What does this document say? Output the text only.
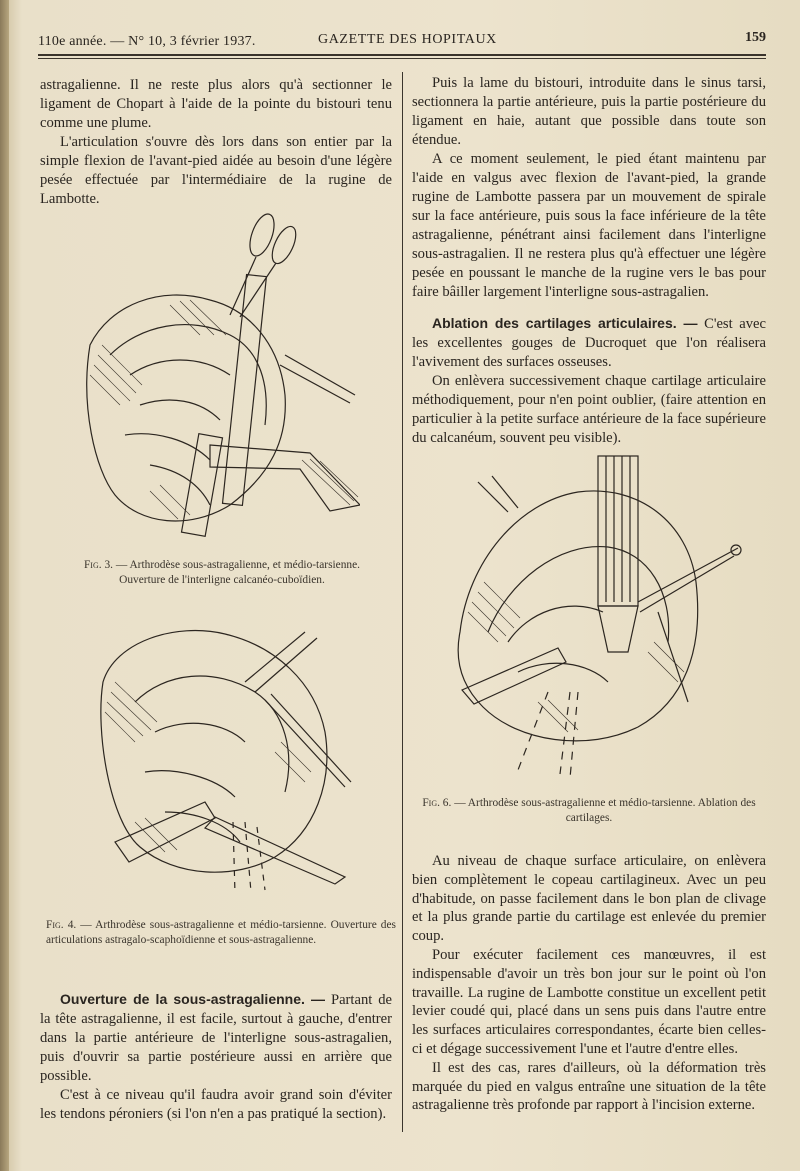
110e année. — N° 10, 3 février 1937.	GAZETTE DES HOPITAUX	159

astragalienne. Il ne reste plus alors qu'à sectionner le ligament de Chopart à l'aide de la pointe du bistouri tenu comme une plume.

L'articulation s'ouvre dès lors dans son entier par la simple flexion de l'avant-pied aidée au besoin d'une légère pesée effectuée par l'intermédiaire de la rugine de Lambotte.

Fig. 3. — Arthrodèse sous-astragalienne, et médio-tarsienne. Ouverture de l'interligne calcanéo-cuboïdien.
Fig. 4. — Arthrodèse sous-astragalienne et médio-tarsienne. Ouverture des articulations astragalo-scaphoïdienne et sous-astragalienne.

Ouverture de la sous-astragalienne. — Partant de la tête astragalienne, il est facile, surtout à gauche, d'entrer dans la partie antérieure de l'interligne sous-astragalien, puis d'ouvrir sa partie postérieure aussi en arrière que possible.

C'est à ce niveau qu'il faudra avoir grand soin d'éviter les tendons péroniers (si l'on n'en a pas pratiqué la section).

Puis la lame du bistouri, introduite dans le sinus tarsi, sectionnera la partie antérieure, puis la partie postérieure du ligament en haie, autant que possible dans toute son étendue.

A ce moment seulement, le pied étant maintenu par l'aide en valgus avec flexion de l'avant-pied, la grande rugine de Lambotte passera par un mouvement de spirale sur la face antérieure, puis sous la face inférieure de la tête astragalienne, pénétrant ainsi facilement dans l'interligne sous-astragalien. Il ne restera plus qu'à effectuer une légère pesée en poussant le manche de la rugine vers le bas pour faire bâiller largement l'interligne sous-astragalien.

Ablation des cartilages articulaires. — C'est avec les excellentes gouges de Ducroquet que l'on réalisera l'avivement des surfaces osseuses.

On enlèvera successivement chaque cartilage articulaire méthodiquement, pour n'en point oublier, (faire attention en particulier à la petite surface antérieure de la face supérieure du calcanéum, souvent peu visible).

Fig. 6. — Arthrodèse sous-astragalienne et médio-tarsienne. Ablation des cartilages.

Au niveau de chaque surface articulaire, on enlèvera bien complètement le copeau cartilagineux. Avec un peu d'habitude, on passe facilement dans le bon plan de clivage et la plus grande partie du cartilage est enlevée du premier coup.

Pour exécuter facilement ces manœuvres, il est indispensable d'avoir un très bon jour sur le point où l'on travaille. La rugine de Lambotte constitue un excellent petit levier coudé qui, placé dans un sens puis dans l'autre entre les surfaces articulaires correspondantes, écarte bien celles-ci et dégage successivement l'une et l'autre d'entre elles.

Il est des cas, rares d'ailleurs, où la déformation très marquée du pied en valgus entraîne une situation de la tête astragalienne très profonde par rapport à l'incision externe.
